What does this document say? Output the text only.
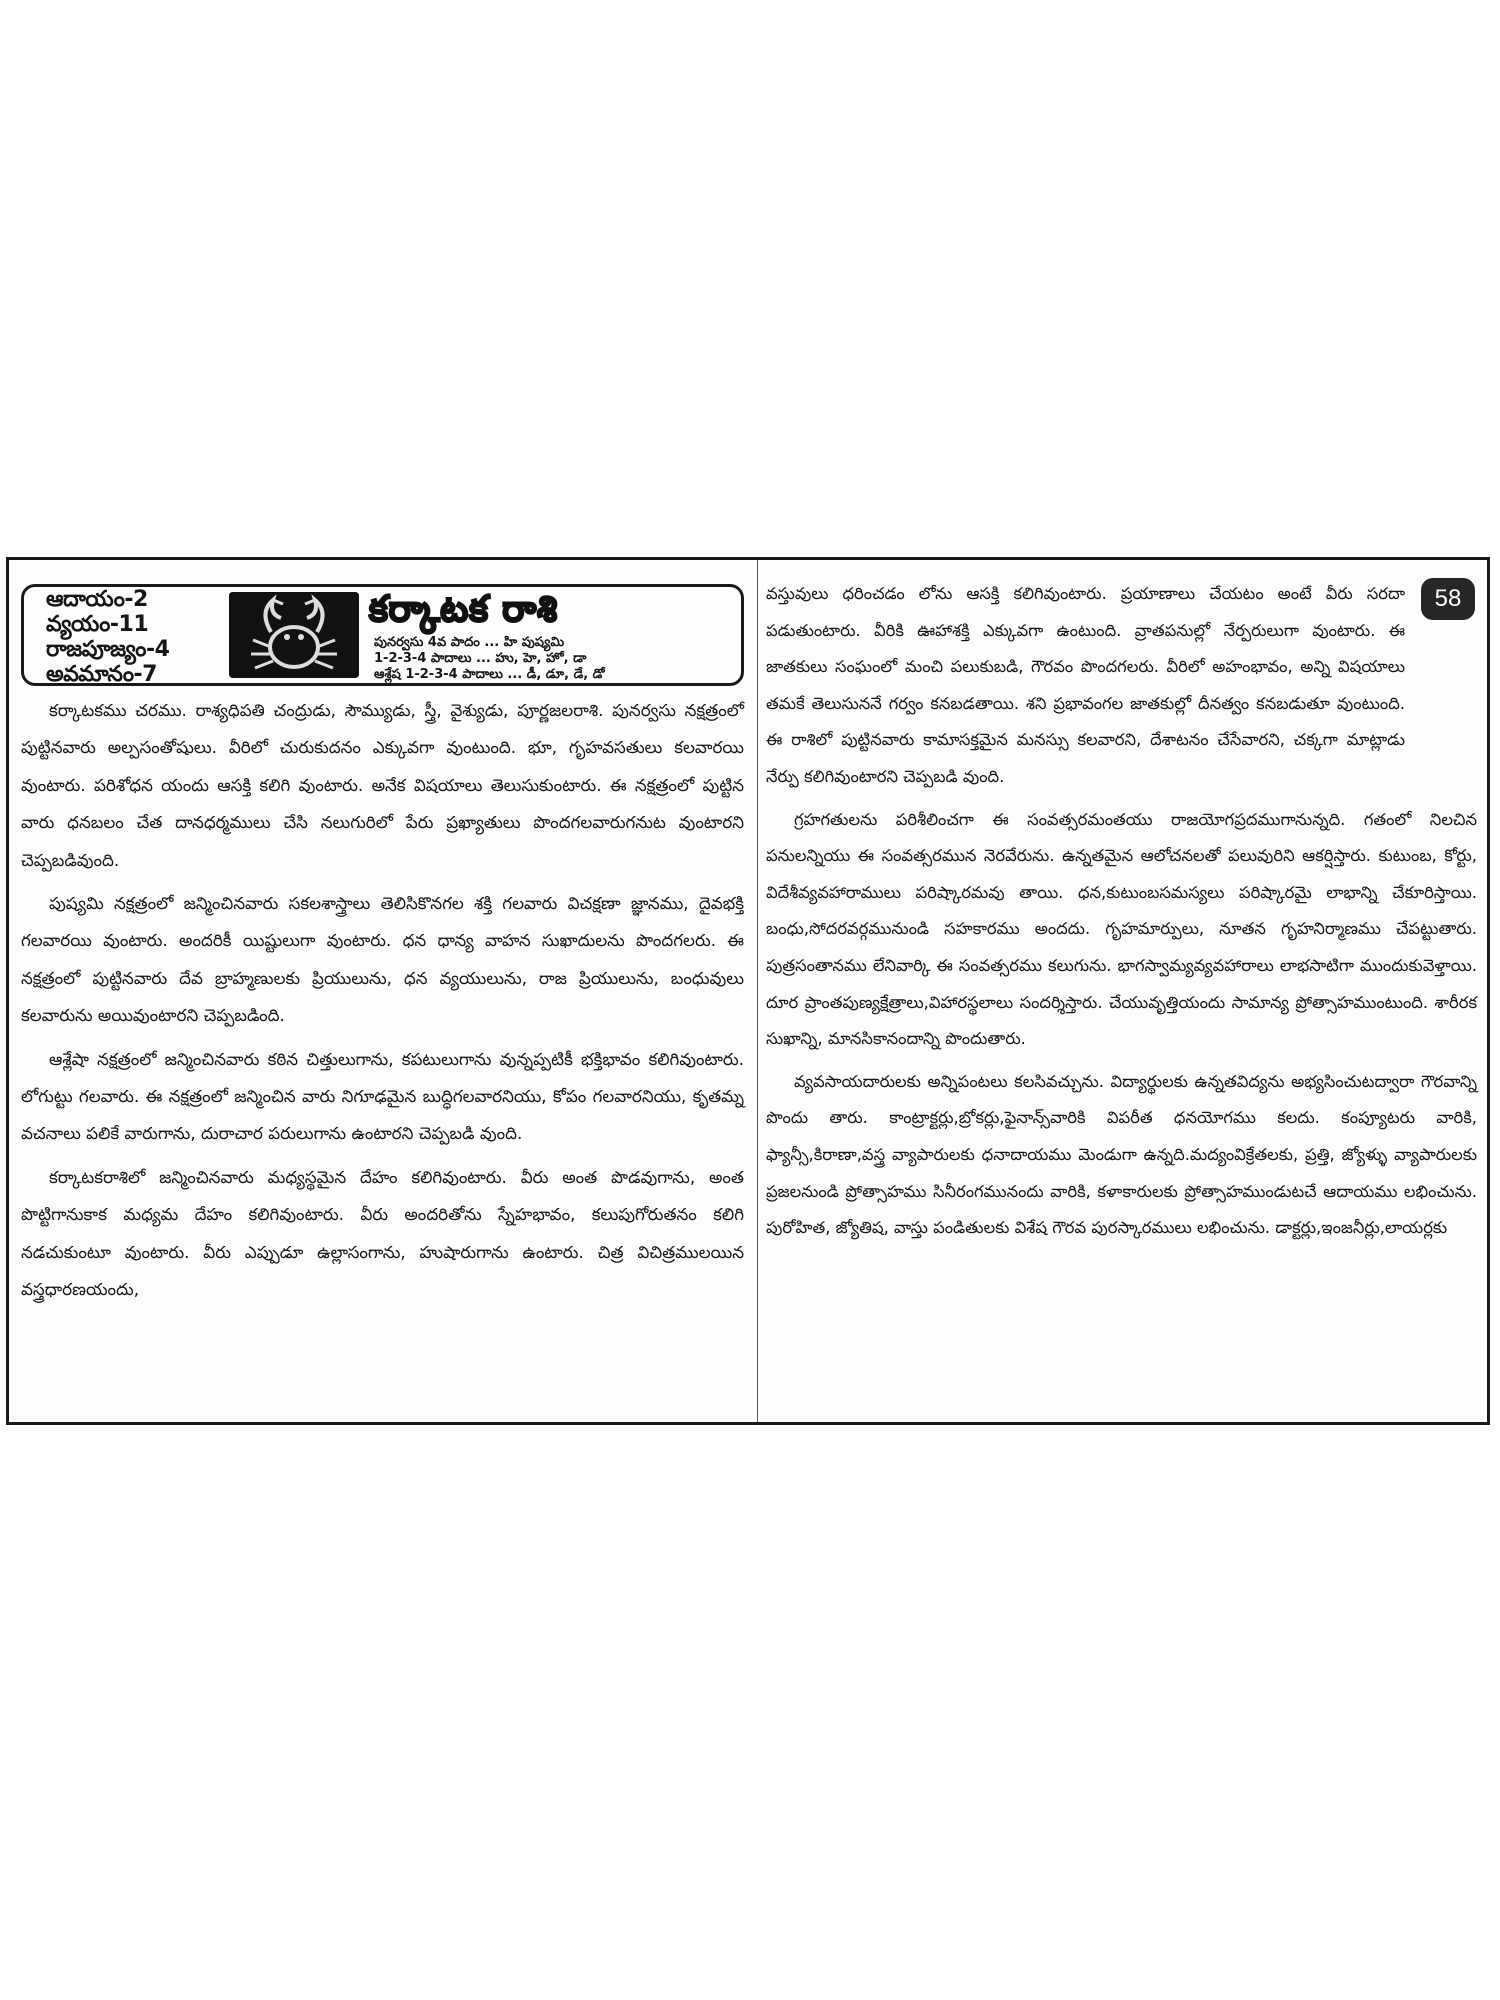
ఆదాయం-2
వ్యయం-11
రాజపూజ్యం-4
అవమానం-7
కర్కాటక రాశి
పునర్వసు 4వ పాదం ... హి పుష్యమి
1-2-3-4 పాదాలు ... హు, హె, హో, డా
ఆశ్లేష 1-2-3-4 పాదాలు ... డీ, డూ, డే, డో

కర్కాటకము చరము. రాశ్యధిపతి చంద్రుడు, సౌమ్యుడు, స్త్రీ, వైశ్యుడు, పూర్ణజలరాశి. పునర్వసు నక్షత్రంలో పుట్టినవారు అల్పసంతోషులు. వీరిలో చురుకుదనం ఎక్కువగా వుంటుంది. భూ, గృహవసతులు కలవారయి వుంటారు. పరిశోధన యందు ఆసక్తి కలిగి వుంటారు. అనేక విషయాలు తెలుసుకుంటారు. ఈ నక్షత్రంలో పుట్టిన వారు ధనబలం చేత దానధర్మములు చేసి నలుగురిలో పేరు ప్రఖ్యాతులు పొందగలవారుగనుట వుంటారని చెప్పబడివుంది.

పుష్యమి నక్షత్రంలో జన్మించినవారు సకలశాస్త్రాలు తెలిసికొనగల శక్తి గలవారు విచక్షణా జ్ఞానము, దైవభక్తి గలవారయి వుంటారు. అందరికీ యిష్టులుగా వుంటారు. ధన ధాన్య వాహన సుఖాదులను పొందగలరు. ఈ నక్షత్రంలో పుట్టినవారు దేవ బ్రాహ్మణులకు ప్రియులును, ధన వ్యయులును, రాజ ప్రియులును, బంధువులు కలవారును అయివుంటారని చెప్పబడింది.

ఆశ్లేషా నక్షత్రంలో జన్మించినవారు కఠిన చిత్తులుగాను, కపటులుగాను వున్నప్పటికీ భక్తిభావం కలిగివుంటారు. లోగుట్టు గలవారు. ఈ నక్షత్రంలో జన్మించిన వారు నిగూఢమైన బుద్ధిగలవారనియు, కోపం గలవారనియు, కృతమ్న వచనాలు పలికే వారుగాను, దురాచార పరులుగాను ఉంటారని చెప్పబడి వుంది.

కర్కాటకరాశిలో జన్మించినవారు మధ్యస్థమైన దేహం కలిగివుంటారు. వీరు అంత పొడవుగాను, అంత పొట్టిగానుకాక మధ్యమ దేహం కలిగివుంటారు. వీరు అందరితోను స్నేహభావం, కలుపుగోరుతనం కలిగి నడచుకుంటూ వుంటారు. వీరు ఎప్పుడూ ఉల్లాసంగాను, హుషారుగాను ఉంటారు. చిత్ర విచిత్రములయిన వస్త్రధారణయందు,

58

వస్తువులు ధరించడం లోను ఆసక్తి కలిగివుంటారు. ప్రయాణాలు చేయటం అంటే వీరు సరదా పడుతుంటారు. వీరికి ఊహాశక్తి ఎక్కువగా ఉంటుంది. వ్రాతపనుల్లో నేర్పరులుగా వుంటారు. ఈ జాతకులు సంఘంలో మంచి పలుకుబడి, గౌరవం పొందగలరు. వీరిలో అహంభావం, అన్ని విషయాలు తమకే తెలుసుననే గర్వం కనబడతాయి. శని ప్రభావంగల జాతకుల్లో దీనత్వం కనబడుతూ వుంటుంది. ఈ రాశిలో పుట్టినవారు కామాసక్తమైన మనస్సు కలవారని, దేశాటనం చేసేవారని, చక్కగా మాట్లాడు నేర్పు కలిగివుంటారని చెప్పబడి వుంది.

గ్రహగతులను పరిశీలించగా ఈ సంవత్సరమంతయు రాజయోగప్రదముగానున్నది. గతంలో నిలచిన పనులన్నియు ఈ సంవత్సరమున నెరవేరును. ఉన్నతమైన ఆలోచనలతో పలువురిని ఆకర్షిస్తారు. కుటుంబ, కోర్టు, విదేశీవ్యవహారాములు పరిష్కారమవు తాయి. ధన,కుటుంబసమస్యలు పరిష్కారమై లాభాన్ని చేకూరిస్తాయి. బంధు,సోదరవర్గమునుండి సహకారము అందదు. గృహమార్పులు, నూతన గృహనిర్మాణము చేపట్టుతారు. పుత్రసంతానము లేనివార్కి ఈ సంవత్సరము కలుగును. భాగస్వామ్యవ్యవహారాలు లాభసాటిగా ముందుకువెళ్తాయి. దూర ప్రాంతపుణ్యక్షేత్రాలు,విహారస్థలాలు సందర్శిస్తారు. చేయువృత్తియందు సామాన్య ప్రోత్సాహముంటుంది. శారీరక సుఖాన్ని, మానసికానందాన్ని పొందుతారు.

వ్యవసాయదారులకు అన్నిపంటలు కలసివచ్చును. విద్యార్థులకు ఉన్నతవిద్యను అభ్యసించుటద్వారా గౌరవాన్ని పొందు తారు. కాంట్రాక్టర్లు,బ్రోకర్లు,ఫైనాన్స్‌వారికి విపరీత ధనయోగము కలదు. కంప్యూటరు వారికి, ఫ్యాన్సీ,కిరాణా,వస్త్ర వ్యాపారులకు ధనాదాయము మెండుగా ఉన్నది.మద్యంవిక్రేతలకు, ప్రత్తి, జ్యోళ్ళు వ్యాపారులకు ప్రజలనుండి ప్రోత్సాహము సినీరంగమునందు వారికి, కళాకారులకు ప్రోత్సాహముండుటచే ఆదాయము లభించును. పురోహిత, జ్యోతిష, వాస్తు పండితులకు విశేష గౌరవ పురస్కారములు లభించును. డాక్టర్లు,ఇంజనీర్లు,లాయర్లకు
